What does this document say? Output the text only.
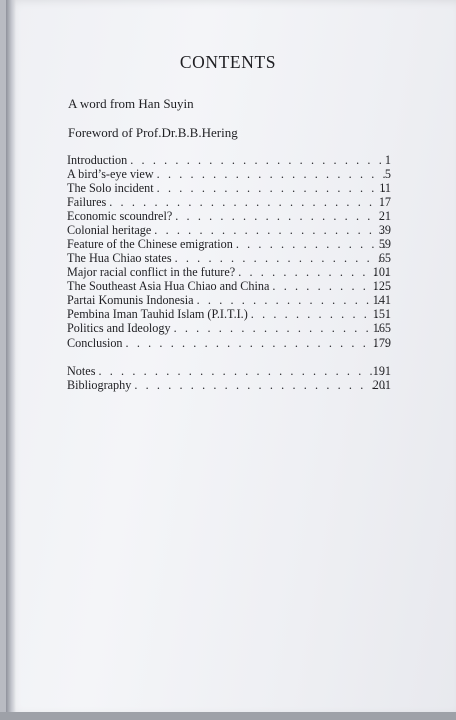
CONTENTS
A word from Han Suyin
Foreword of Prof.Dr.B.B.Hering
Introduction . . .	1
A bird’s-eye view . . .	5
The Solo incident . . .	11
Failures . . .	17
Economic scoundrel? . . .	21
Colonial heritage . . .	39
Feature of the Chinese emigration . . .	59
The Hua Chiao states . . .	65
Major racial conflict in the future? . . .	101
The Southeast Asia Hua Chiao and China . . .	125
Partai Komunis Indonesia . . .	141
Pembina Iman Tauhid Islam (P.I.T.I.) . . .	151
Politics and Ideology . . .	165
Conclusion . . .	179
Notes . . .	191
Bibliography . . .	201
